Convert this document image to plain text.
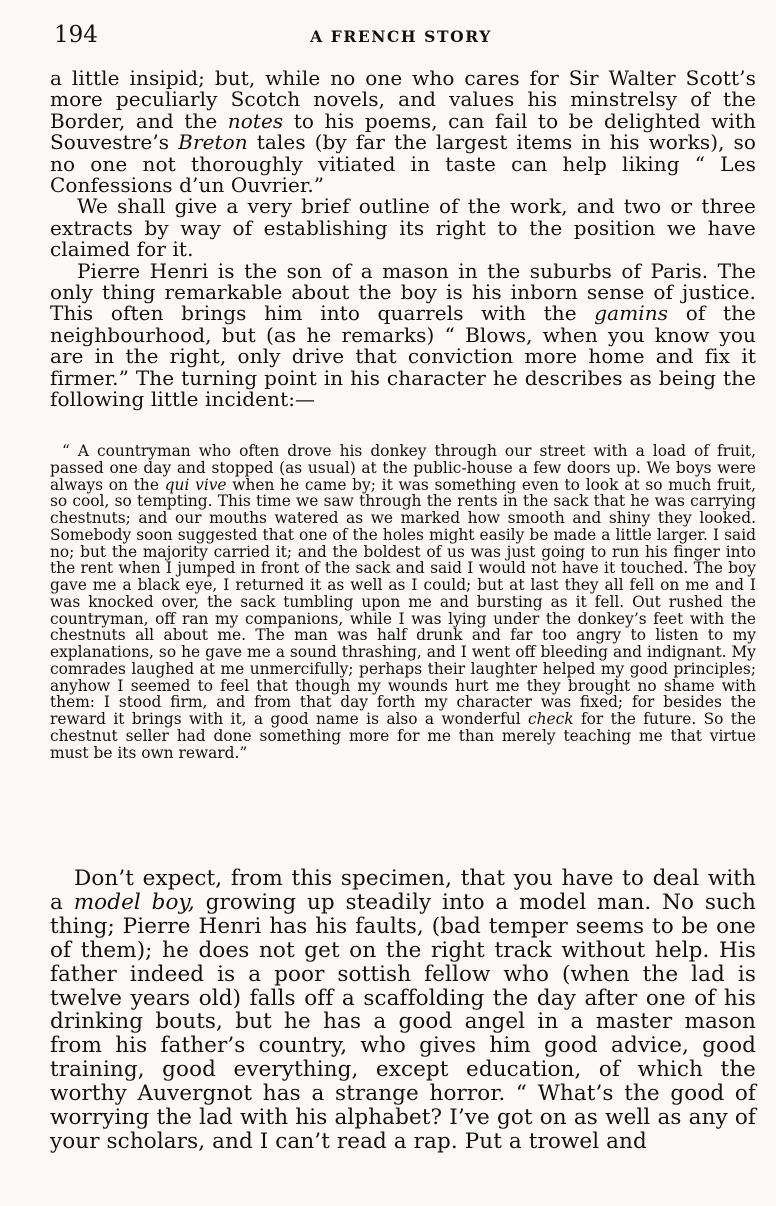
194	A FRENCH STORY

a little insipid; but, while no one who cares for Sir Walter Scott’s more peculiarly Scotch novels, and values his minstrelsy of the Border, and the notes to his poems, can fail to be delighted with Souvestre’s Breton tales (by far the largest items in his works), so no one not thoroughly vitiated in taste can help liking “ Les Confessions d’un Ouvrier.”

We shall give a very brief outline of the work, and two or three extracts by way of establishing its right to the position we have claimed for it.

Pierre Henri is the son of a mason in the suburbs of Paris. The only thing remarkable about the boy is his inborn sense of justice. This often brings him into quarrels with the gamins of the neighbourhood, but (as he remarks) “ Blows, when you know you are in the right, only drive that conviction more home and fix it firmer.” The turning point in his character he describes as being the following little incident:—

“ A countryman who often drove his donkey through our street with a load of fruit, passed one day and stopped (as usual) at the public-house a few doors up. We boys were always on the qui vive when he came by; it was something even to look at so much fruit, so cool, so tempting. This time we saw through the rents in the sack that he was carrying chestnuts; and our mouths watered as we marked how smooth and shiny they looked. Somebody soon suggested that one of the holes might easily be made a little larger. I said no; but the majority carried it; and the boldest of us was just going to run his finger into the rent when I jumped in front of the sack and said I would not have it touched. The boy gave me a black eye, I returned it as well as I could; but at last they all fell on me and I was knocked over, the sack tumbling upon me and bursting as it fell. Out rushed the countryman, off ran my companions, while I was lying under the donkey’s feet with the chestnuts all about me. The man was half drunk and far too angry to listen to my explanations, so he gave me a sound thrashing, and I went off bleeding and indignant. My comrades laughed at me unmercifully; perhaps their laughter helped my good principles; anyhow I seemed to feel that though my wounds hurt me they brought no shame with them: I stood firm, and from that day forth my character was fixed; for besides the reward it brings with it, a good name is also a wonderful check for the future. So the chestnut seller had done something more for me than merely teaching me that virtue must be its own reward.”

Don’t expect, from this specimen, that you have to deal with a model boy, growing up steadily into a model man. No such thing; Pierre Henri has his faults, (bad temper seems to be one of them); he does not get on the right track without help. His father indeed is a poor sottish fellow who (when the lad is twelve years old) falls off a scaffolding the day after one of his drinking bouts, but he has a good angel in a master mason from his father’s country, who gives him good advice, good training, good everything, except education, of which the worthy Auvergnot has a strange horror. “ What’s the good of worrying the lad with his alphabet? I’ve got on as well as any of your scholars, and I can’t read a rap. Put a trowel and
